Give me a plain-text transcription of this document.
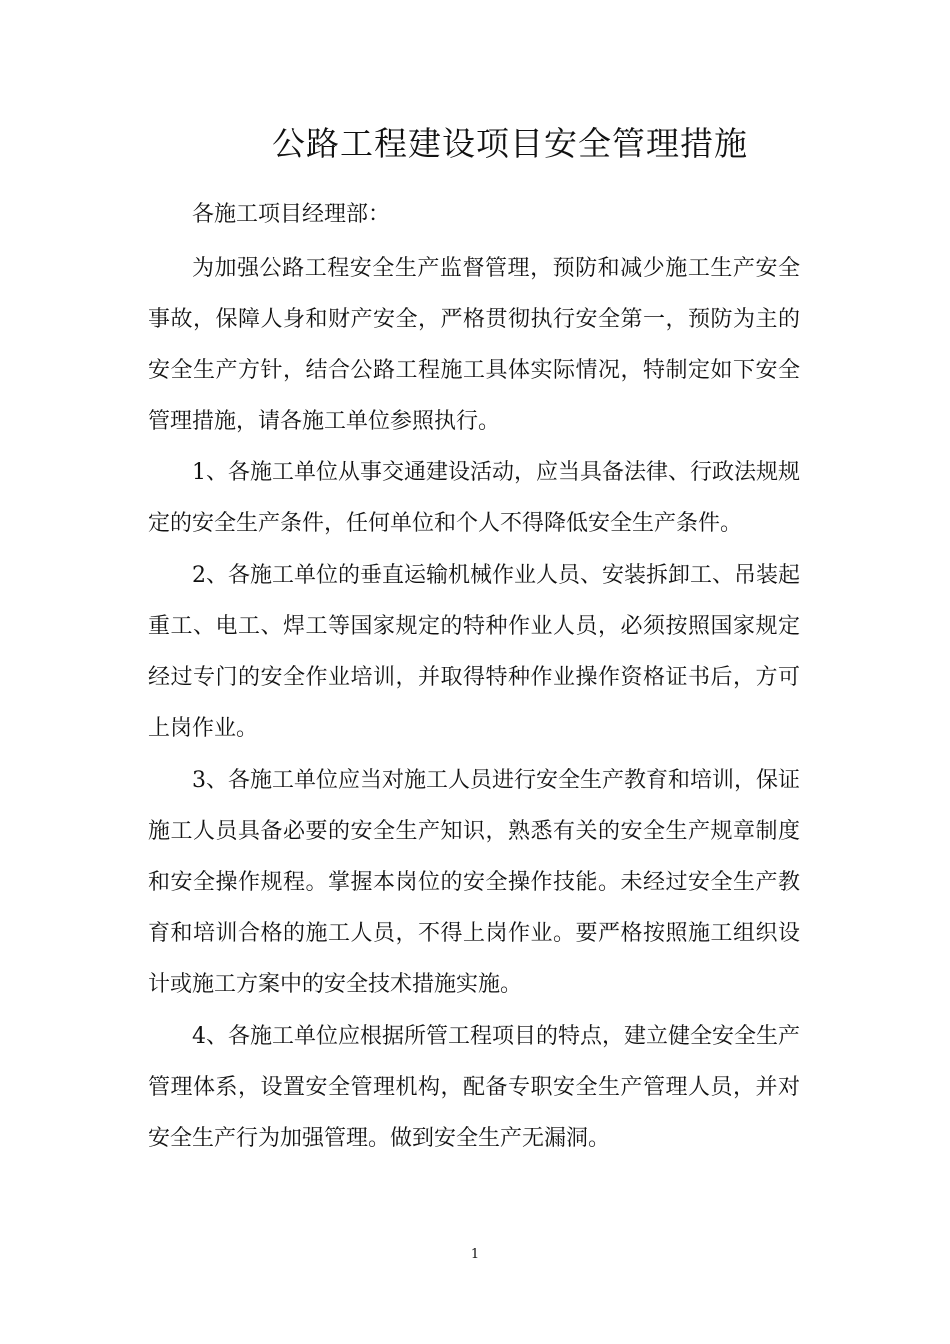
公路工程建设项目安全管理措施

各施工项目经理部：

为加强公路工程安全生产监督管理，预防和减少施工生产安全事故，保障人身和财产安全，严格贯彻执行安全第一，预防为主的安全生产方针，结合公路工程施工具体实际情况，特制定如下安全管理措施，请各施工单位参照执行。

1、各施工单位从事交通建设活动，应当具备法律、行政法规规定的安全生产条件，任何单位和个人不得降低安全生产条件。

2、各施工单位的垂直运输机械作业人员、安装拆卸工、吊装起重工、电工、焊工等国家规定的特种作业人员，必须按照国家规定经过专门的安全作业培训，并取得特种作业操作资格证书后，方可上岗作业。

3、各施工单位应当对施工人员进行安全生产教育和培训，保证施工人员具备必要的安全生产知识，熟悉有关的安全生产规章制度和安全操作规程。掌握本岗位的安全操作技能。未经过安全生产教育和培训合格的施工人员，不得上岗作业。要严格按照施工组织设计或施工方案中的安全技术措施实施。

4、各施工单位应根据所管工程项目的特点，建立健全安全生产管理体系，设置安全管理机构，配备专职安全生产管理人员，并对安全生产行为加强管理。做到安全生产无漏洞。

1
